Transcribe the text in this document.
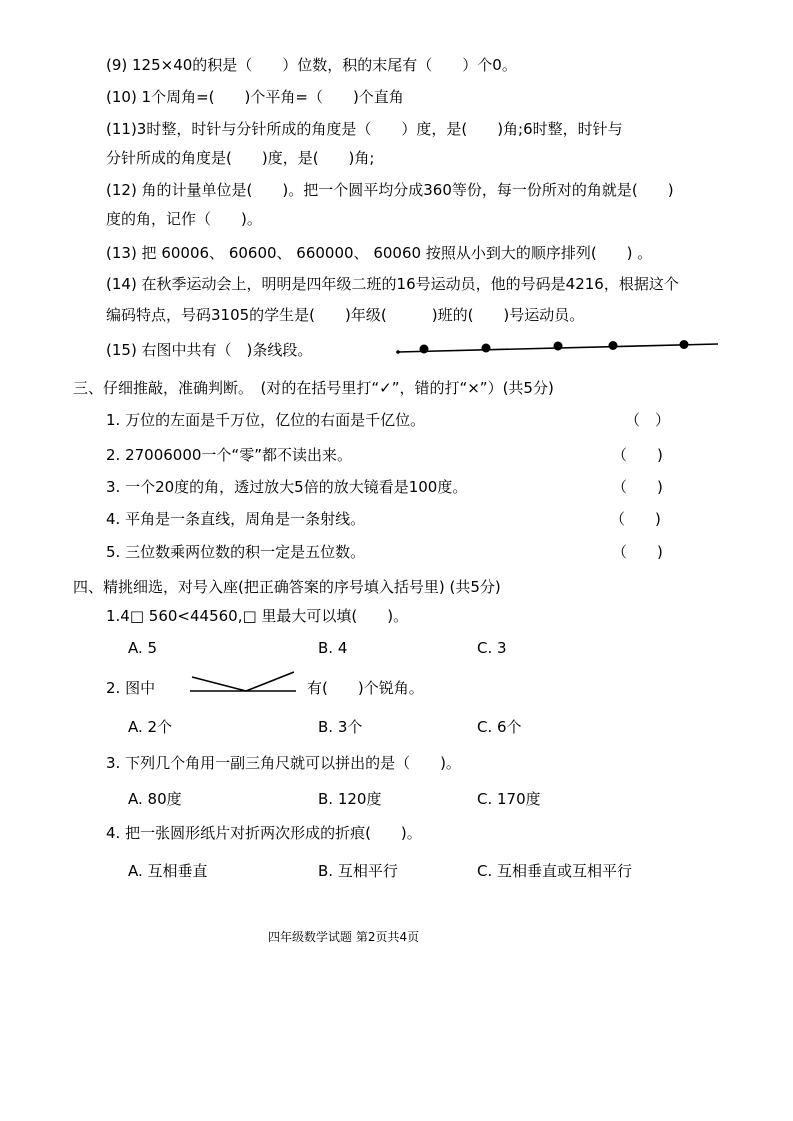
(9) 125×40的积是（　　）位数，积的末尾有（　　）个0。
(10) 1个周角=(　　)个平角=（　　)个直角
(11)3时整，时针与分针所成的角度是（　　）度，是(　　)角;6时整，时针与
分针所成的角度是(　　)度，是(　　)角;
(12) 角的计量单位是(　　)。把一个圆平均分成360等份，每一份所对的角就是(　　)
度的角，记作（　　)。
(13) 把 60006、 60600、 660000、 60060 按照从小到大的顺序排列(　　) 。
(14) 在秋季运动会上，明明是四年级二班的16号运动员，他的号码是4216，根据这个
编码特点，号码3105的学生是(　　)年级(　　　)班的(　　)号运动员。
(15) 右图中共有（　)条线段。
三、仔细推敲，准确判断。　(对的在括号里打“✓”，错的打“×”）(共5分)
1. 万位的左面是千万位，亿位的右面是千亿位。	（　）
2. 27006000一个“零”都不读出来。	（　　)
3. 一个20度的角，透过放大5倍的放大镜看是100度。	（　　)
4. 平角是一条直线，周角是一条射线。	（　　)
5. 三位数乘两位数的积一定是五位数。	（　　)
四、精挑细选，对号入座(把正确答案的序号填入括号里) (共5分)
1.4□ 560<44560,□ 里最大可以填(　　)。
A. 5	B. 4	C. 3
2. 图中	有(　　)个锐角。
A. 2个	B. 3个	C. 6个
3. 下列几个角用一副三角尺就可以拼出的是（　　)。
A. 80度	B. 120度	C. 170度
4. 把一张圆形纸片对折两次形成的折痕(　　)。
A. 互相垂直	B. 互相平行	C. 互相垂直或互相平行
四年级数学试题 第2页共4页
